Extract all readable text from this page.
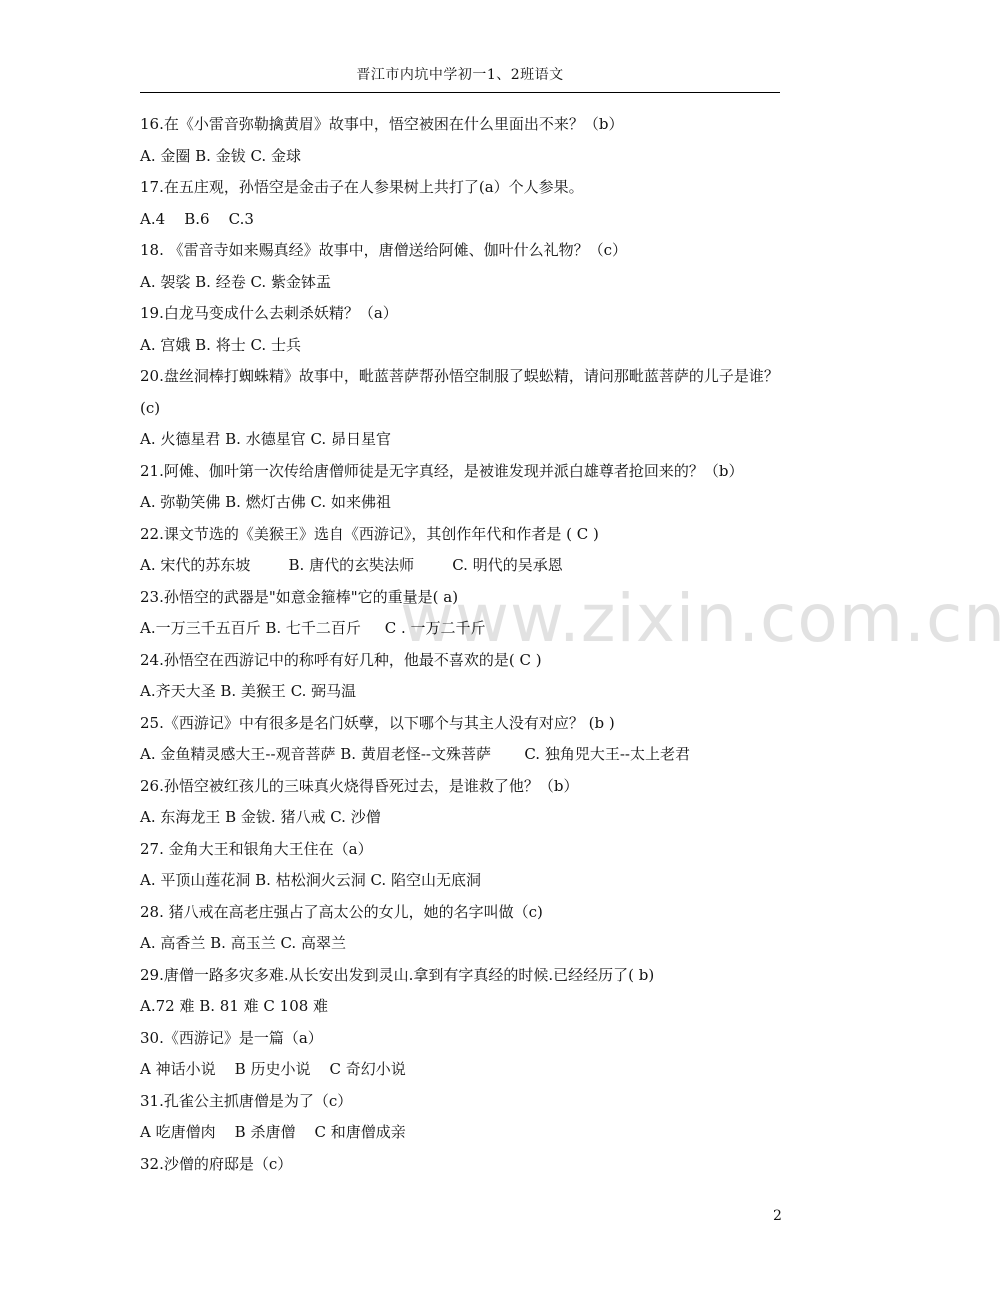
晋江市内坑中学初一1、2班语文
www.zixin.com.cn
16.在《小雷音弥勒擒黄眉》故事中，悟空被困在什么里面出不来？（b）
A. 金圈 B. 金钹 C. 金球
17.在五庄观，孙悟空是金击子在人参果树上共打了(a）个人参果。
A.4    B.6    C.3
18. 《雷音寺如来赐真经》故事中，唐僧送给阿傩、伽叶什么礼物？（c）
A. 袈裟 B. 经卷 C. 紫金钵盂
19.白龙马变成什么去刺杀妖精？（a）
A. 宫娥 B. 将士 C. 士兵
20.盘丝洞棒打蜘蛛精》故事中，毗蓝菩萨帮孙悟空制服了蜈蚣精，请问那毗蓝菩萨的儿子是谁？  (c)
A. 火德星君 B. 水德星官 C. 昴日星官
21.阿傩、伽叶第一次传给唐僧师徒是无字真经，是被谁发现并派白雄尊者抢回来的？（b）
A. 弥勒笑佛 B. 燃灯古佛 C. 如来佛祖
22.课文节选的《美猴王》选自《西游记》，其创作年代和作者是 ( C )
A. 宋代的苏东坡        B. 唐代的玄奘法师        C. 明代的吴承恩
23.孙悟空的武器是"如意金箍棒"它的重量是( a)
A.一万三千五百斤 B. 七千二百斤     C . 一万二千斤
24.孙悟空在西游记中的称呼有好几种，他最不喜欢的是( C )
A.齐天大圣 B. 美猴王 C. 弼马温
25.《西游记》中有很多是名门妖孽，以下哪个与其主人没有对应？ (b )
A. 金鱼精灵感大王--观音菩萨 B. 黄眉老怪--文殊菩萨       C. 独角兕大王--太上老君
26.孙悟空被红孩儿的三味真火烧得昏死过去，是谁救了他？（b）
A. 东海龙王 B 金钹. 猪八戒 C. 沙僧
27. 金角大王和银角大王住在（a）
A. 平顶山莲花洞 B. 枯松涧火云洞 C. 陷空山无底洞
28. 猪八戒在高老庄强占了高太公的女儿，她的名字叫做（c)
A. 高香兰 B. 高玉兰 C. 高翠兰
29.唐僧一路多灾多难.从长安出发到灵山.拿到有字真经的时候.已经经历了( b)
A.72 难 B. 81 难 C 108 难
30.《西游记》是一篇（a）
A 神话小说    B 历史小说    C 奇幻小说
31.孔雀公主抓唐僧是为了（c）
A 吃唐僧肉    B 杀唐僧    C 和唐僧成亲
32.沙僧的府邸是（c）
2
